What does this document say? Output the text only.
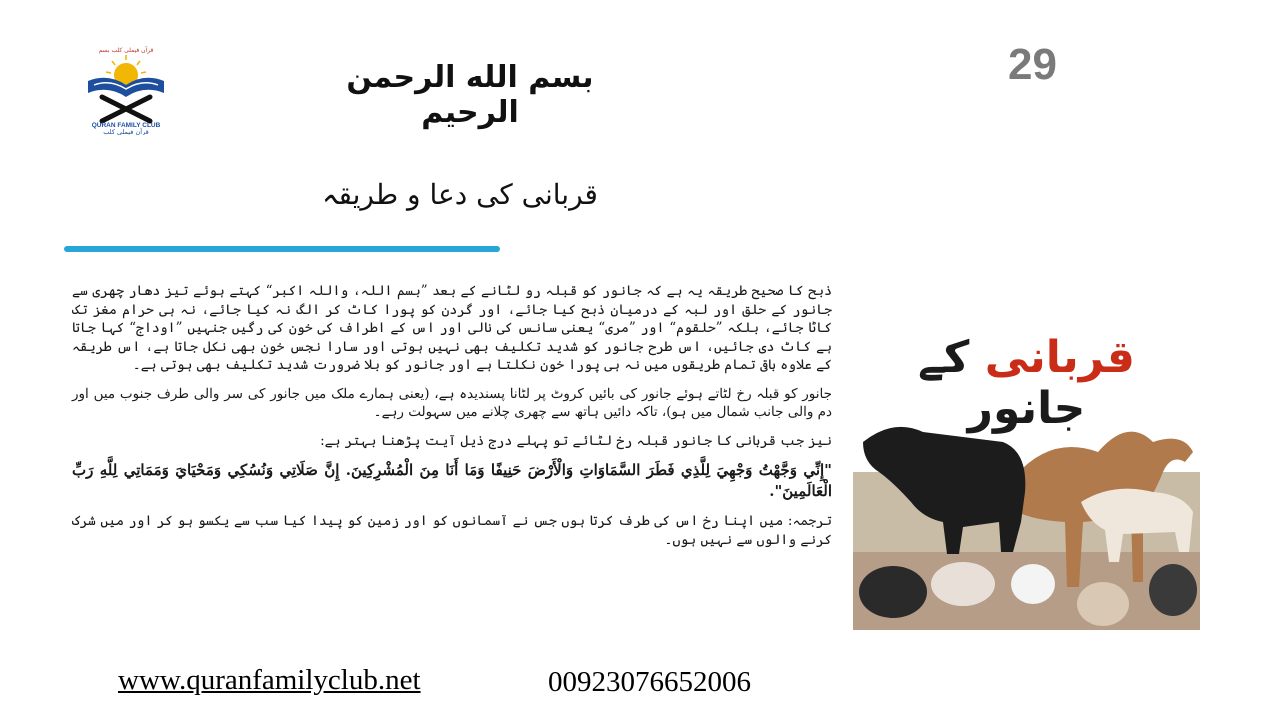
قرآن فیملی کلب بسم
QURAN FAMILY CLUB
قرآن فیملی کلب
بسم الله الرحمن الرحیم
29
قربانی کی دعا و طریقہ

ذبح کا صحیح طریقہ یہ ہے کہ جانور کو قبلہ رو لٹانے کے بعد ”بسم اللہ، واللہ اکبر“ کہتے ہوئے تیز دھار چھری سے جانور کے حلق اور لبہ کے درمیان ذبح کیا جائے، اور گردن کو پورا کاٹ کر الگ نہ کیا جائے، نہ ہی حرام مغز تک کاٹا جائے، بلکہ ”حلقوم“ اور ”مری“ یعنی سانس کی نالی اور اس کے اطراف کی خون کی رگیں جنہیں ”اوداج“ کہا جاتا ہے کاٹ دی جائیں، اس طرح جانور کو شدید تکلیف بھی نہیں ہوتی اور سارا نجس خون بھی نکل جاتا ہے، اس طریقہ کے علاوہ باقی تمام طریقوں میں نہ ہی پورا خون نکلتا ہے اور جانور کو بلا ضرورت شدید تکلیف بھی ہوتی ہے۔

جانور کو قبلہ رخ لٹاتے ہوئے جانور کی بائیں کروٹ پر لٹانا پسندیدہ ہے، (یعنی ہمارے ملک میں جانور کی سر والی طرف جنوب میں اور دم والی جانب شمال میں ہو)، تاکہ دائیں ہاتھ سے چھری چلانے میں سہولت رہے۔

نیز جب قربانی کا جانور قبلہ رخ لٹائے تو پہلے درج ذیل آیت پڑھنا بہتر ہے:

"إِنِّي وَجَّهْتُ وَجْهِيَ لِلَّذِي فَطَرَ السَّمَاوَاتِ وَالْأَرْضَ حَنِيفًا وَمَا أَنَا مِنَ الْمُشْرِكِينَ. إِنَّ صَلَاتِي وَنُسُكِي وَمَحْيَايَ وَمَمَاتِي لِلَّهِ رَبِّ الْعَالَمِينَ".

ترجمہ: میں اپنا رخ اس کی طرف کرتا ہوں جس نے آسمانوں کو اور زمین کو پیدا کیا سب سے یکسو ہو کر اور میں شرک کرنے والوں سے نہیں ہوں۔

قربانی کے جانور
www.quranfamilyclub.net	00923076652006
